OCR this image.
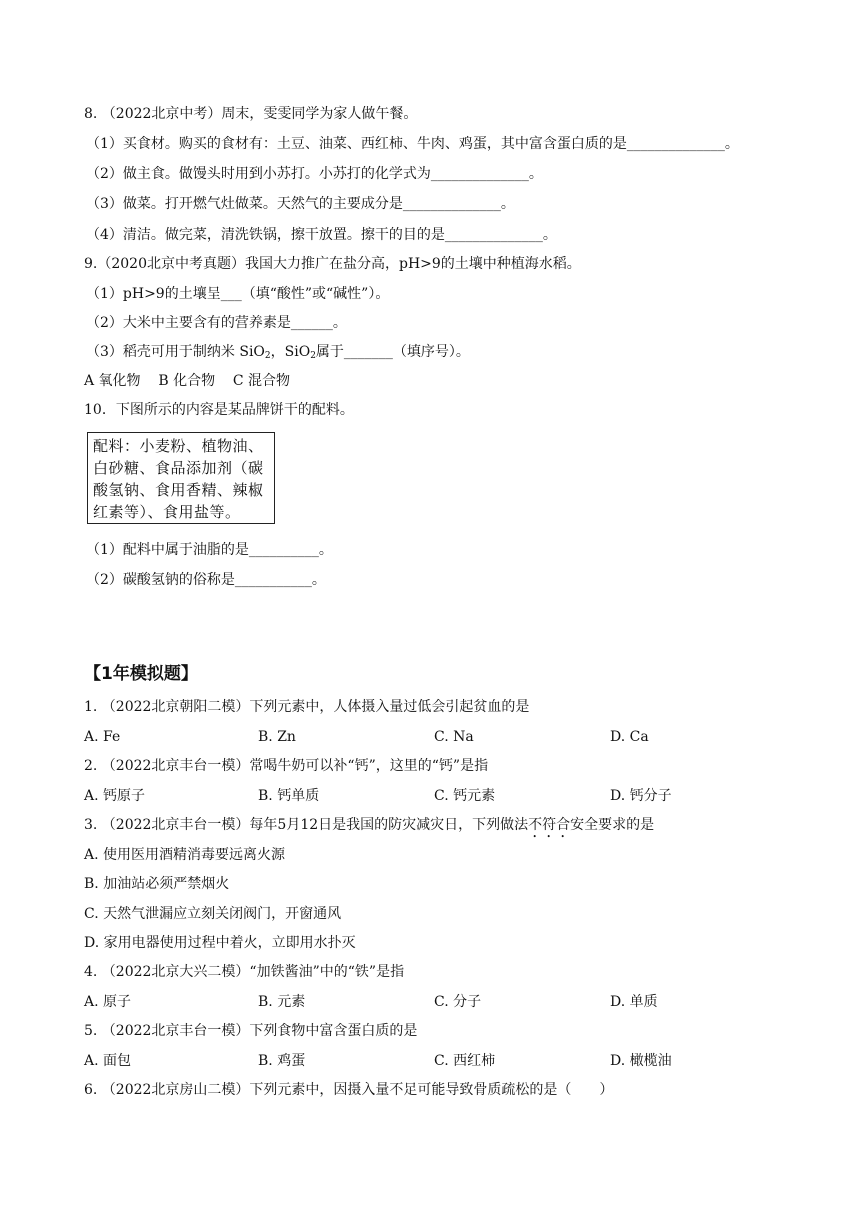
8. （2022北京中考）周末，雯雯同学为家人做午餐。
（1）买食材。购买的食材有：土豆、油菜、西红柿、牛肉、鸡蛋，其中富含蛋白质的是______________。
（2）做主食。做馒头时用到小苏打。小苏打的化学式为______________。
（3）做菜。打开燃气灶做菜。天然气的主要成分是______________。
（4）清洁。做完菜，清洗铁锅，擦干放置。擦干的目的是______________。
9.（2020北京中考真题）我国大力推广在盐分高，pH>9的土壤中种植海水稻。
（1）pH>9的土壤呈___（填“酸性”或“碱性”）。
（2）大米中主要含有的营养素是______。
（3）稻壳可用于制纳米 SiO$_2$，SiO$_2$属于_______（填序号）。
A 氧化物    B 化合物    C 混合物
10．下图所示的内容是某品牌饼干的配料。
配料：小麦粉、植物油、
白砂糖、食品添加剂（碳
酸氢钠、食用香精、辣椒
红素等）、食用盐等。
（1）配料中属于油脂的是__________。
（2）碳酸氢钠的俗称是___________。
【1年模拟题】
1. （2022北京朝阳二模）下列元素中，人体摄入量过低会引起贫血的是
A. Fe	B. Zn	C. Na	D. Ca
2. （2022北京丰台一模）常喝牛奶可以补“钙”，这里的“钙”是指
A. 钙原子	B. 钙单质	C. 钙元素	D. 钙分子
3. （2022北京丰台一模）每年5月12日是我国的防灾减灾日，下列做法不符合安全要求的是
A. 使用医用酒精消毒要远离火源
B. 加油站必须严禁烟火
C. 天然气泄漏应立刻关闭阀门，开窗通风
D. 家用电器使用过程中着火，立即用水扑灭
4. （2022北京大兴二模）“加铁酱油”中的“铁”是指
A. 原子	B. 元素	C. 分子	D. 单质
5. （2022北京丰台一模）下列食物中富含蛋白质的是
A. 面包	B. 鸡蛋	C. 西红柿	D. 橄榄油
6. （2022北京房山二模）下列元素中，因摄入量不足可能导致骨质疏松的是（　　）
